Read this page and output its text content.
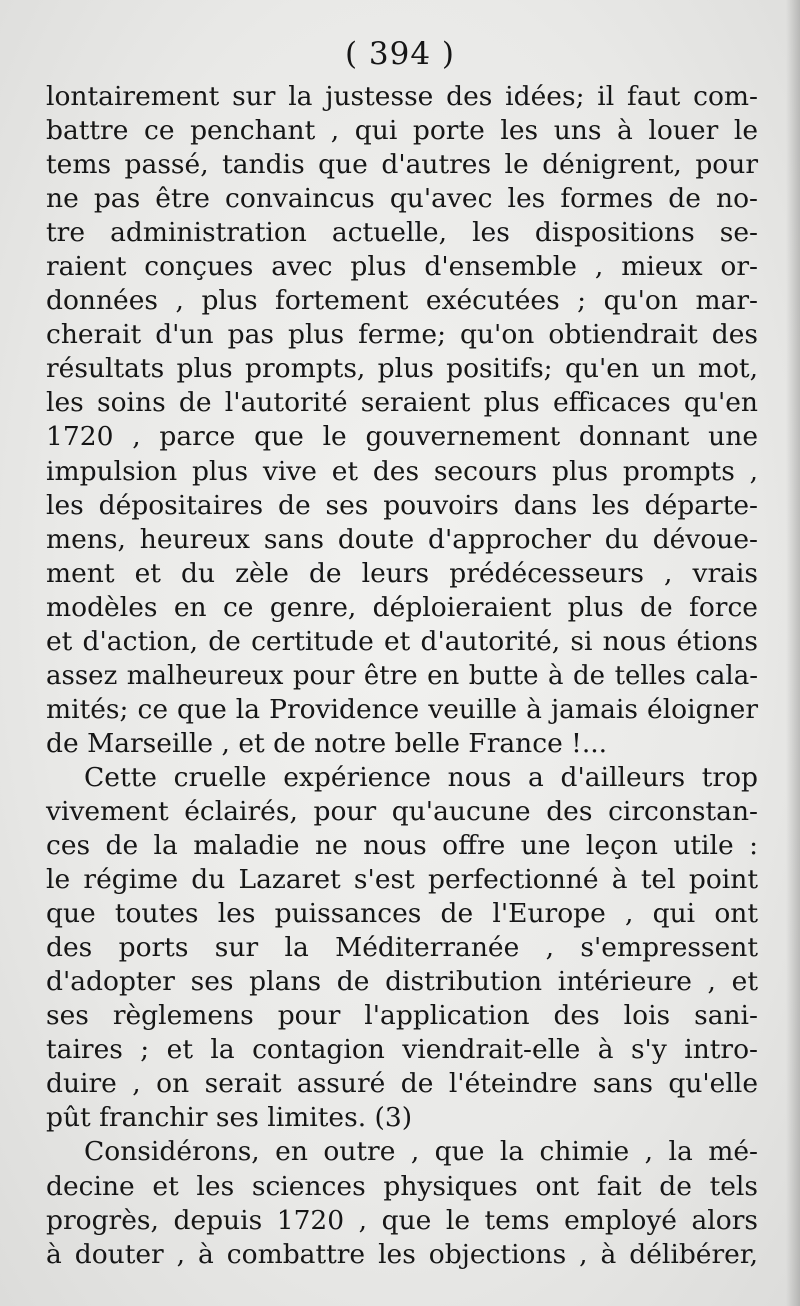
( 394 )
lontairement sur la justesse des idées; il faut com-
battre ce penchant , qui porte les uns à louer le
tems passé, tandis que d'autres le dénigrent, pour
ne pas être convaincus qu'avec les formes de no-
tre administration actuelle, les dispositions se-
raient conçues avec plus d'ensemble , mieux or-
données , plus fortement exécutées ; qu'on mar-
cherait d'un pas plus ferme; qu'on obtiendrait des
résultats plus prompts, plus positifs; qu'en un mot,
les soins de l'autorité seraient plus efficaces qu'en
1720 , parce que le gouvernement donnant une
impulsion plus vive et des secours plus prompts ,
les dépositaires de ses pouvoirs dans les départe-
mens, heureux sans doute d'approcher du dévoue-
ment et du zèle de leurs prédécesseurs , vrais
modèles en ce genre, déploieraient plus de force
et d'action, de certitude et d'autorité, si nous étions
assez malheureux pour être en butte à de telles cala-
mités; ce que la Providence veuille à jamais éloigner
de Marseille , et de notre belle France !...
Cette cruelle expérience nous a d'ailleurs trop
vivement éclairés, pour qu'aucune des circonstan-
ces de la maladie ne nous offre une leçon utile :
le régime du Lazaret s'est perfectionné à tel point
que toutes les puissances de l'Europe , qui ont
des ports sur la Méditerranée , s'empressent
d'adopter ses plans de distribution intérieure , et
ses règlemens pour l'application des lois sani-
taires ; et la contagion viendrait-elle à s'y intro-
duire , on serait assuré de l'éteindre sans qu'elle
pût franchir ses limites. (3)
Considérons, en outre , que la chimie , la mé-
decine et les sciences physiques ont fait de tels
progrès, depuis 1720 , que le tems employé alors
à douter , à combattre les objections , à délibérer,
